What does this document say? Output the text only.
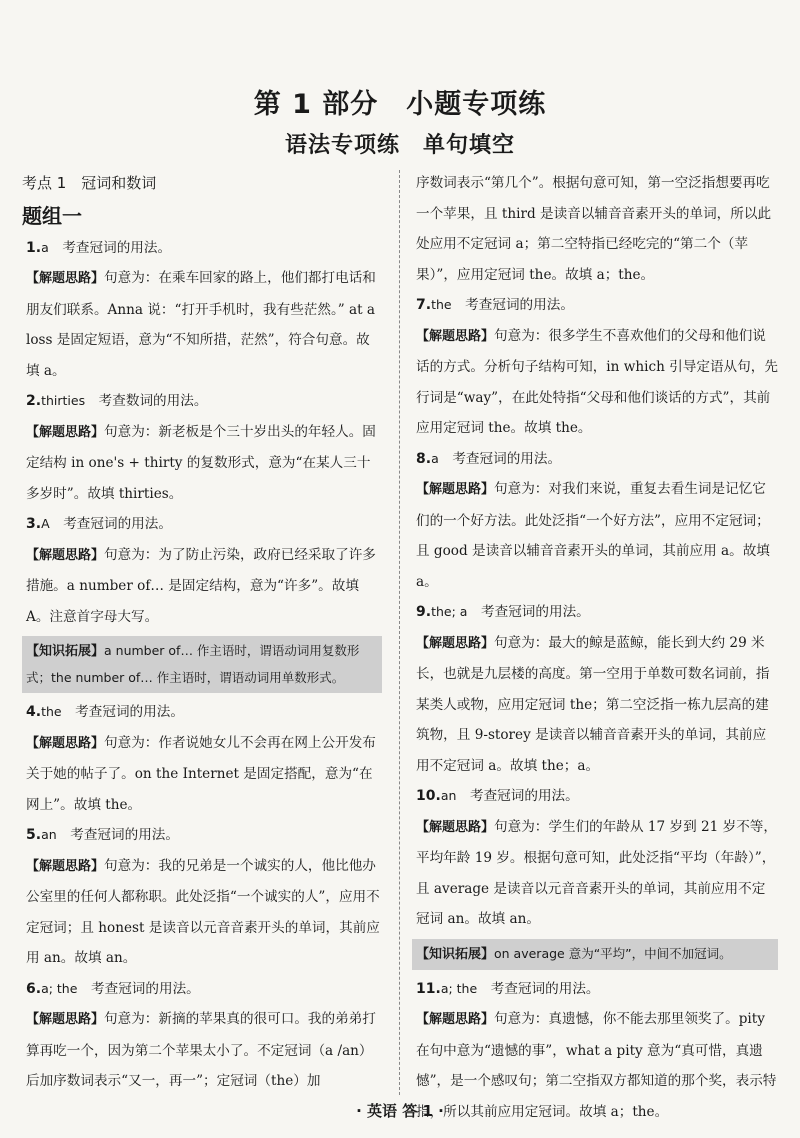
第 1 部分　小题专项练
语法专项练　单句填空
考点 1　冠词和数词
题组一
1.a　考查冠词的用法。
【解题思路】句意为：在乘车回家的路上，他们都打电话和朋友们联系。Anna 说：“打开手机时，我有些茫然。” at a loss 是固定短语，意为“不知所措，茫然”，符合句意。故填 a。
2.thirties　考查数词的用法。
【解题思路】句意为：新老板是个三十岁出头的年轻人。固定结构 in one's + thirty 的复数形式，意为“在某人三十多岁时”。故填 thirties。
3.A　考查冠词的用法。
【解题思路】句意为：为了防止污染，政府已经采取了许多措施。a number of… 是固定结构，意为“许多”。故填 A。注意首字母大写。
【知识拓展】a number of… 作主语时，谓语动词用复数形式；the number of… 作主语时，谓语动词用单数形式。
4.the　考查冠词的用法。
【解题思路】句意为：作者说她女儿不会再在网上公开发布关于她的帖子了。on the Internet 是固定搭配，意为“在网上”。故填 the。
5.an　考查冠词的用法。
【解题思路】句意为：我的兄弟是一个诚实的人，他比他办公室里的任何人都称职。此处泛指“一个诚实的人”，应用不定冠词；且 honest 是读音以元音音素开头的单词，其前应用 an。故填 an。
6.a; the　考查冠词的用法。
【解题思路】句意为：新摘的苹果真的很可口。我的弟弟打算再吃一个，因为第二个苹果太小了。不定冠词（a /an）后加序数词表示“又一，再一”；定冠词（the）加
序数词表示“第几个”。根据句意可知，第一空泛指想要再吃一个苹果，且 third 是读音以辅音音素开头的单词，所以此处应用不定冠词 a；第二空特指已经吃完的“第二个（苹果）”，应用定冠词 the。故填 a；the。
7.the　考查冠词的用法。
【解题思路】句意为：很多学生不喜欢他们的父母和他们说话的方式。分析句子结构可知，in which 引导定语从句，先行词是“way”，在此处特指“父母和他们谈话的方式”，其前应用定冠词 the。故填 the。
8.a　考查冠词的用法。
【解题思路】句意为：对我们来说，重复去看生词是记忆它们的一个好方法。此处泛指“一个好方法”，应用不定冠词；且 good 是读音以辅音音素开头的单词，其前应用 a。故填 a。
9.the; a　考查冠词的用法。
【解题思路】句意为：最大的鲸是蓝鲸，能长到大约 29 米长，也就是九层楼的高度。第一空用于单数可数名词前，指某类人或物，应用定冠词 the；第二空泛指一栋九层高的建筑物，且 9-storey 是读音以辅音音素开头的单词，其前应用不定冠词 a。故填 the；a。
10.an　考查冠词的用法。
【解题思路】句意为：学生们的年龄从 17 岁到 21 岁不等，平均年龄 19 岁。根据句意可知，此处泛指“平均（年龄）”，且 average 是读音以元音音素开头的单词，其前应用不定冠词 an。故填 an。
【知识拓展】on average 意为“平均”，中间不加冠词。
11.a; the　考查冠词的用法。
【解题思路】句意为：真遗憾，你不能去那里领奖了。pity 在句中意为“遗憾的事”，what a pity 意为“真可惜，真遗憾”，是一个感叹句；第二空指双方都知道的那个奖，表示特指，所以其前应用定冠词。故填 a；the。
· 英语 答 1 ·
